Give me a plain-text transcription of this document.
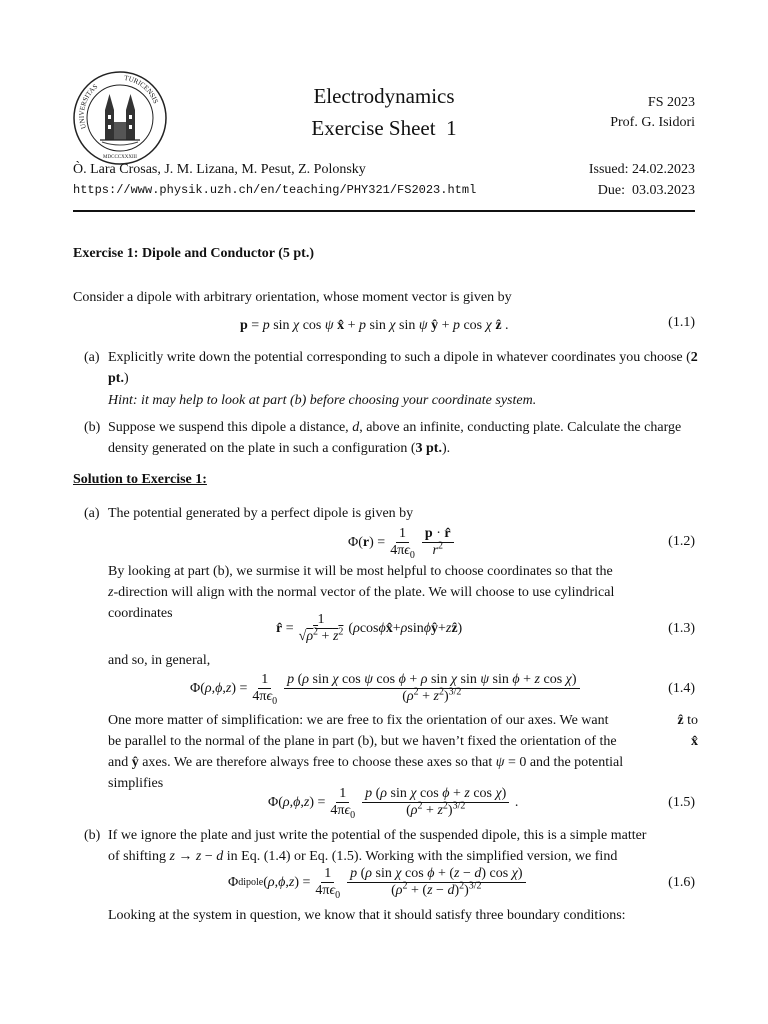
UNIVERSITAS
TURICENSIS
MDCCCXXXIII
Electrodynamics
Exercise Sheet  1
FS 2023
Prof. G. Isidori
Ò. Lara Crosas, J. M. Lizana, M. Pesut, Z. Polonsky
https://www.physik.uzh.ch/en/teaching/PHY321/FS2023.html
Issued: 24.02.2023
Due:  03.03.2023
Exercise 1: Dipole and Conductor (5 pt.)
Consider a dipole with arbitrary orientation, whose moment vector is given by
p = p sin χ cos ψ x̂ + p sin χ sin ψ ŷ + p cos χ ẑ .	(1.1)
(a) Explicitly write down the potential corresponding to such a dipole in whatever coordinates you choose (2 pt.)
Hint: it may help to look at part (b) before choosing your coordinate system.
(b) Suppose we suspend this dipole a distance, d, above an infinite, conducting plate. Calculate the charge density generated on the plate in such a configuration (3 pt.).
Solution to Exercise 1:
(a) The potential generated by a perfect dipole is given by
Φ( r ) = $\frac{1}{4\pi\epsilon_0} \frac{p \cdot r̂}{r^2}$	(1.2)
By looking at part (b), we surmise it will be most helpful to choose coordinates so that the
z-direction will align with the normal vector of the plate. We will choose to use cylindrical
coordinates
r̂ = $\frac{1}{√\rho^2 + z^2}$ ( ρ cos ϕ x̂ + ρ sin ϕ ŷ + z ẑ )	(1.3)
and so, in general,
Φ( ρ , ϕ , z ) = $\frac{1}{4\pi\epsilon_0} \frac{\text{p (ρ sin χ cos ψ cos ϕ + ρ sin χ sin ψ sin ϕ + z cos χ)}}{(\rho^2 + z^2)^{3/2}}$	(1.4)
One more matter of simplification: we are free to fix the orientation of our axes. We want	ẑ to
be parallel to the normal of the plane in part (b), but we haven’t fixed the orientation of the	x̂
and ŷ axes. We are therefore always free to choose these axes so that ψ = 0 and the potential
simplifies
Φ( ρ , ϕ , z ) = $\frac{1}{4\pi\epsilon_0} \frac{\text{p (ρ sin χ cos ϕ + z cos χ)}}{(\rho^2 + z^2)^{3/2}}$ .	(1.5)
(b) If we ignore the plate and just write the potential of the suspended dipole, this is a simple matter
of shifting z → z − d in Eq. (1.4) or Eq. (1.5). Working with the simplified version, we find
Φ dipole ( ρ , ϕ , z ) = $\frac{1}{4\pi\epsilon_0} \frac{\text{p (ρ sin χ cos ϕ + (z − d) cos χ)}}{(\rho^2 + (z - d)^2)^{3/2}}$	(1.6)
Looking at the system in question, we know that it should satisfy three boundary conditions:
